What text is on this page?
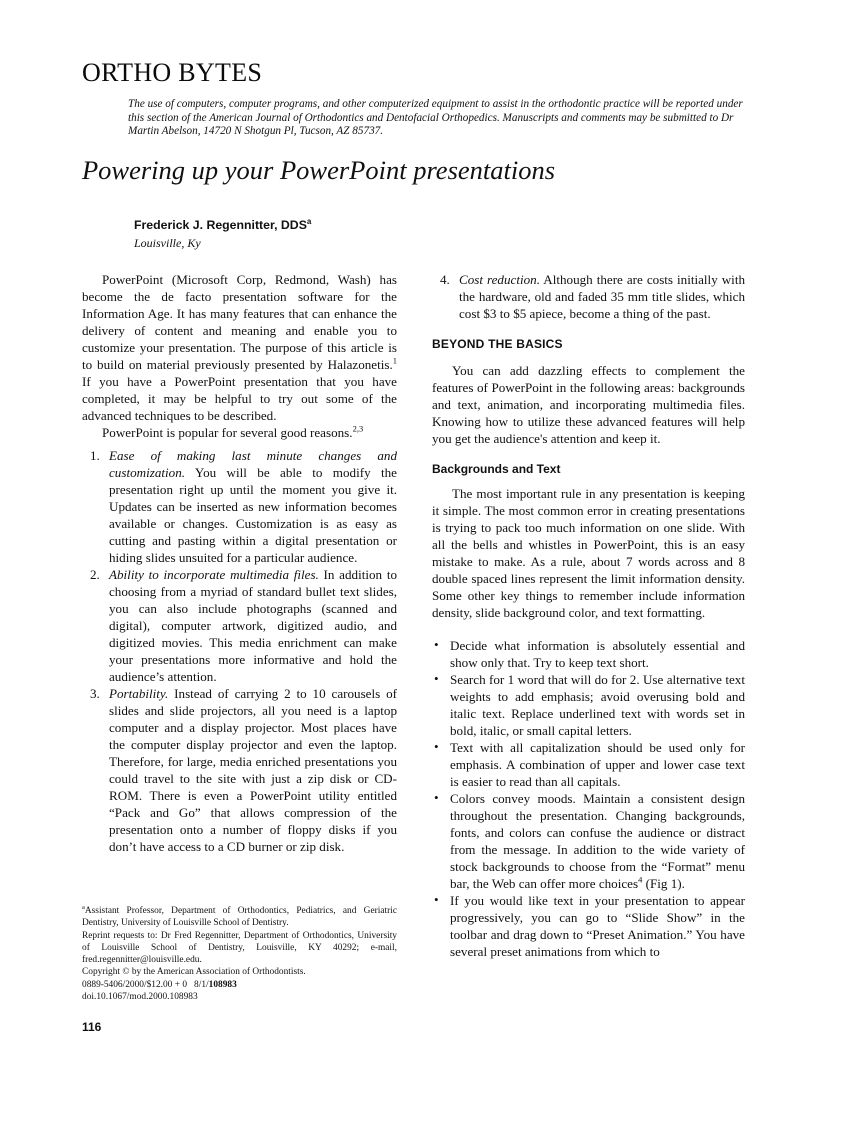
ORTHO BYTES
The use of computers, computer programs, and other computerized equipment to assist in the orthodontic practice will be reported under this section of the American Journal of Orthodontics and Dentofacial Orthopedics. Manuscripts and comments may be submitted to Dr Martin Abelson, 14720 N Shotgun Pl, Tucson, AZ 85737.
Powering up your PowerPoint presentations
Frederick J. Regennitter, DDS$^a$
Louisville, Ky

PowerPoint (Microsoft Corp, Redmond, Wash) has become the de facto presentation software for the Information Age. It has many features that can enhance the delivery of content and meaning and enable you to customize your presentation. The purpose of this article is to build on material previously presented by Halazonetis.$^1$ If you have a PowerPoint presentation that you have completed, it may be helpful to try out some of the advanced techniques to be described.

PowerPoint is popular for several good reasons.$^{2,3}$

1. Ease of making last minute changes and customization. You will be able to modify the presentation right up until the moment you give it. Updates can be inserted as new information becomes available or changes. Customization is as easy as cutting and pasting within a digital presentation or hiding slides unsuited for a particular audience.
2. Ability to incorporate multimedia files. In addition to choosing from a myriad of standard bullet text slides, you can also include photographs (scanned and digital), computer artwork, digitized audio, and digitized movies. This media enrichment can make your presentations more informative and hold the audience’s attention.
3. Portability. Instead of carrying 2 to 10 carousels of slides and slide projectors, all you need is a laptop computer and a display projector. Most places have the computer display projector and even the laptop. Therefore, for large, media enriched presentations you could travel to the site with just a zip disk or CD-ROM. There is even a PowerPoint utility entitled “Pack and Go” that allows compression of the presentation onto a number of floppy disks if you don’t have access to a CD burner or zip disk.
4. Cost reduction. Although there are costs initially with the hardware, old and faded 35 mm title slides, which cost $3 to $5 apiece, become a thing of the past.
BEYOND THE BASICS

You can add dazzling effects to complement the features of PowerPoint in the following areas: backgrounds and text, animation, and incorporating multimedia files. Knowing how to utilize these advanced features will help you get the audience's attention and keep it.

Backgrounds and Text

The most important rule in any presentation is keeping it simple. The most common error in creating presentations is trying to pack too much information on one slide. With all the bells and whistles in PowerPoint, this is an easy mistake to make. As a rule, about 7 words across and 8 double spaced lines represent the limit information density. Some other key things to remember include information density, slide background color, and text formatting.

• Decide what information is absolutely essential and show only that. Try to keep text short.
• Search for 1 word that will do for 2. Use alternative text weights to add emphasis; avoid overusing bold and italic text. Replace underlined text with words set in bold, italic, or small capital letters.
• Text with all capitalization should be used only for emphasis. A combination of upper and lower case text is easier to read than all capitals.
• Colors convey moods. Maintain a consistent design throughout the presentation. Changing backgrounds, fonts, and colors can confuse the audience or distract from the message. In addition to the wide variety of stock backgrounds to choose from the “Format” menu bar, the Web can offer more choices$^4$ (Fig 1).
• If you would like text in your presentation to appear progressively, you can go to “Slide Show” in the toolbar and drag down to “Preset Animation.” You have several preset animations from which to
$^a$Assistant Professor, Department of Orthodontics, Pediatrics, and Geriatric Dentistry, University of Louisville School of Dentistry.
Reprint requests to: Dr Fred Regennitter, Department of Orthodontics, University of Louisville School of Dentistry, Louisville, KY 40292; e-mail, fred.regennitter@louisville.edu.
Copyright © by the American Association of Orthodontists.
0889-5406/2000/$12.00 + 0   8/1/108983
doi.10.1067/mod.2000.108983
116
